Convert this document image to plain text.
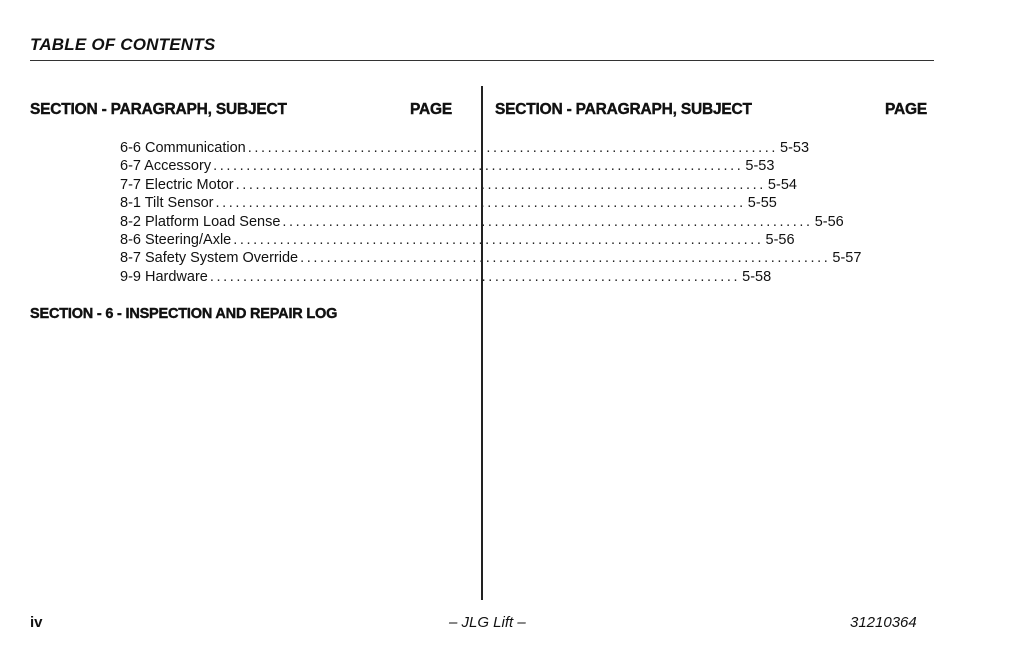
TABLE OF CONTENTS
SECTION - PARAGRAPH, SUBJECT	PAGE	SECTION - PARAGRAPH, SUBJECT	PAGE
6-6 Communication ................................................................................ 5-53
6-7 Accessory ................................................................................ 5-53
7-7 Electric Motor ................................................................................ 5-54
8-1 Tilt Sensor ................................................................................ 5-55
8-2 Platform Load Sense ................................................................................ 5-56
8-6 Steering/Axle ................................................................................ 5-56
8-7 Safety System Override ................................................................................ 5-57
9-9 Hardware ................................................................................ 5-58
SECTION - 6 - INSPECTION AND REPAIR LOG
iv	– JLG Lift –	31210364
